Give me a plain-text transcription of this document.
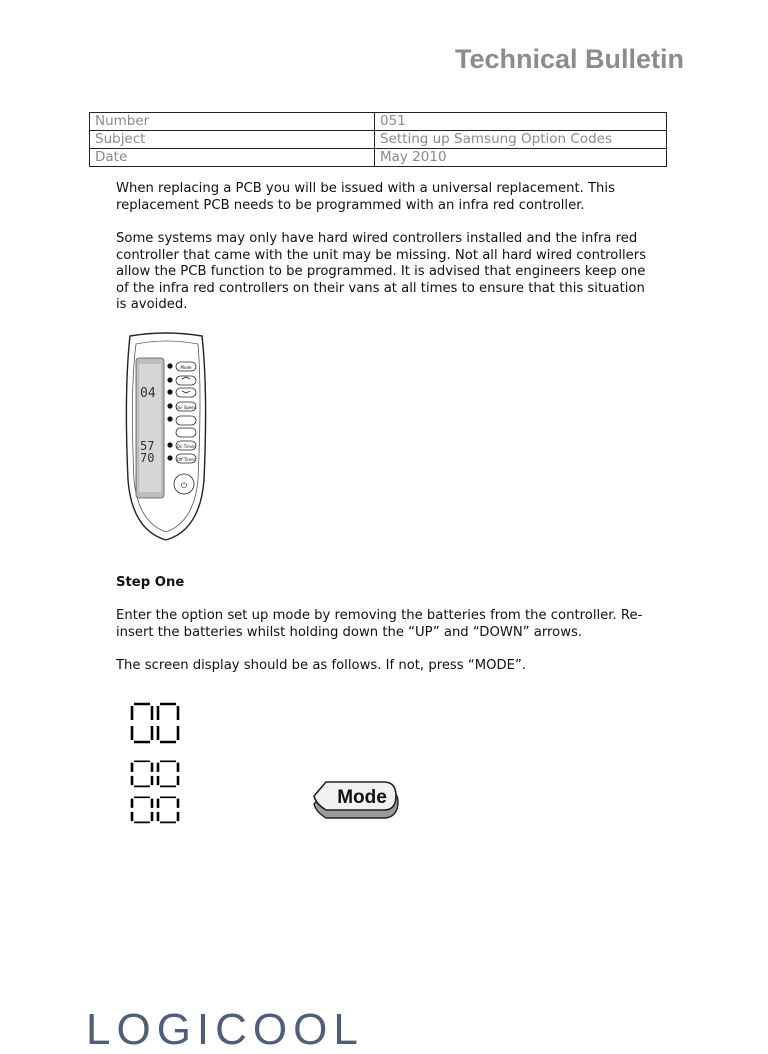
Technical Bulletin
Number	051
Subject	Setting up Samsung Option Codes
Date	May 2010

When replacing a PCB you will be issued with a universal replacement. This replacement PCB needs to be programmed with an infra red controller.

Some systems may only have hard wired controllers installed and the infra red controller that came with the unit may be missing. Not all hard wired controllers allow the PCB function to be programmed. It is advised that engineers keep one of the infra red controllers on their vans at all times to ensure that this situation is avoided.

04
57
70
Mode
Fan Speed
On Timer
Off Timer
⏻

Step One

Enter the option set up mode by removing the batteries from the controller. Re-insert the batteries whilst holding down the “UP” and “DOWN” arrows.

The screen display should be as follows. If not, press “MODE”.

00
Mode
LOGICOOL
